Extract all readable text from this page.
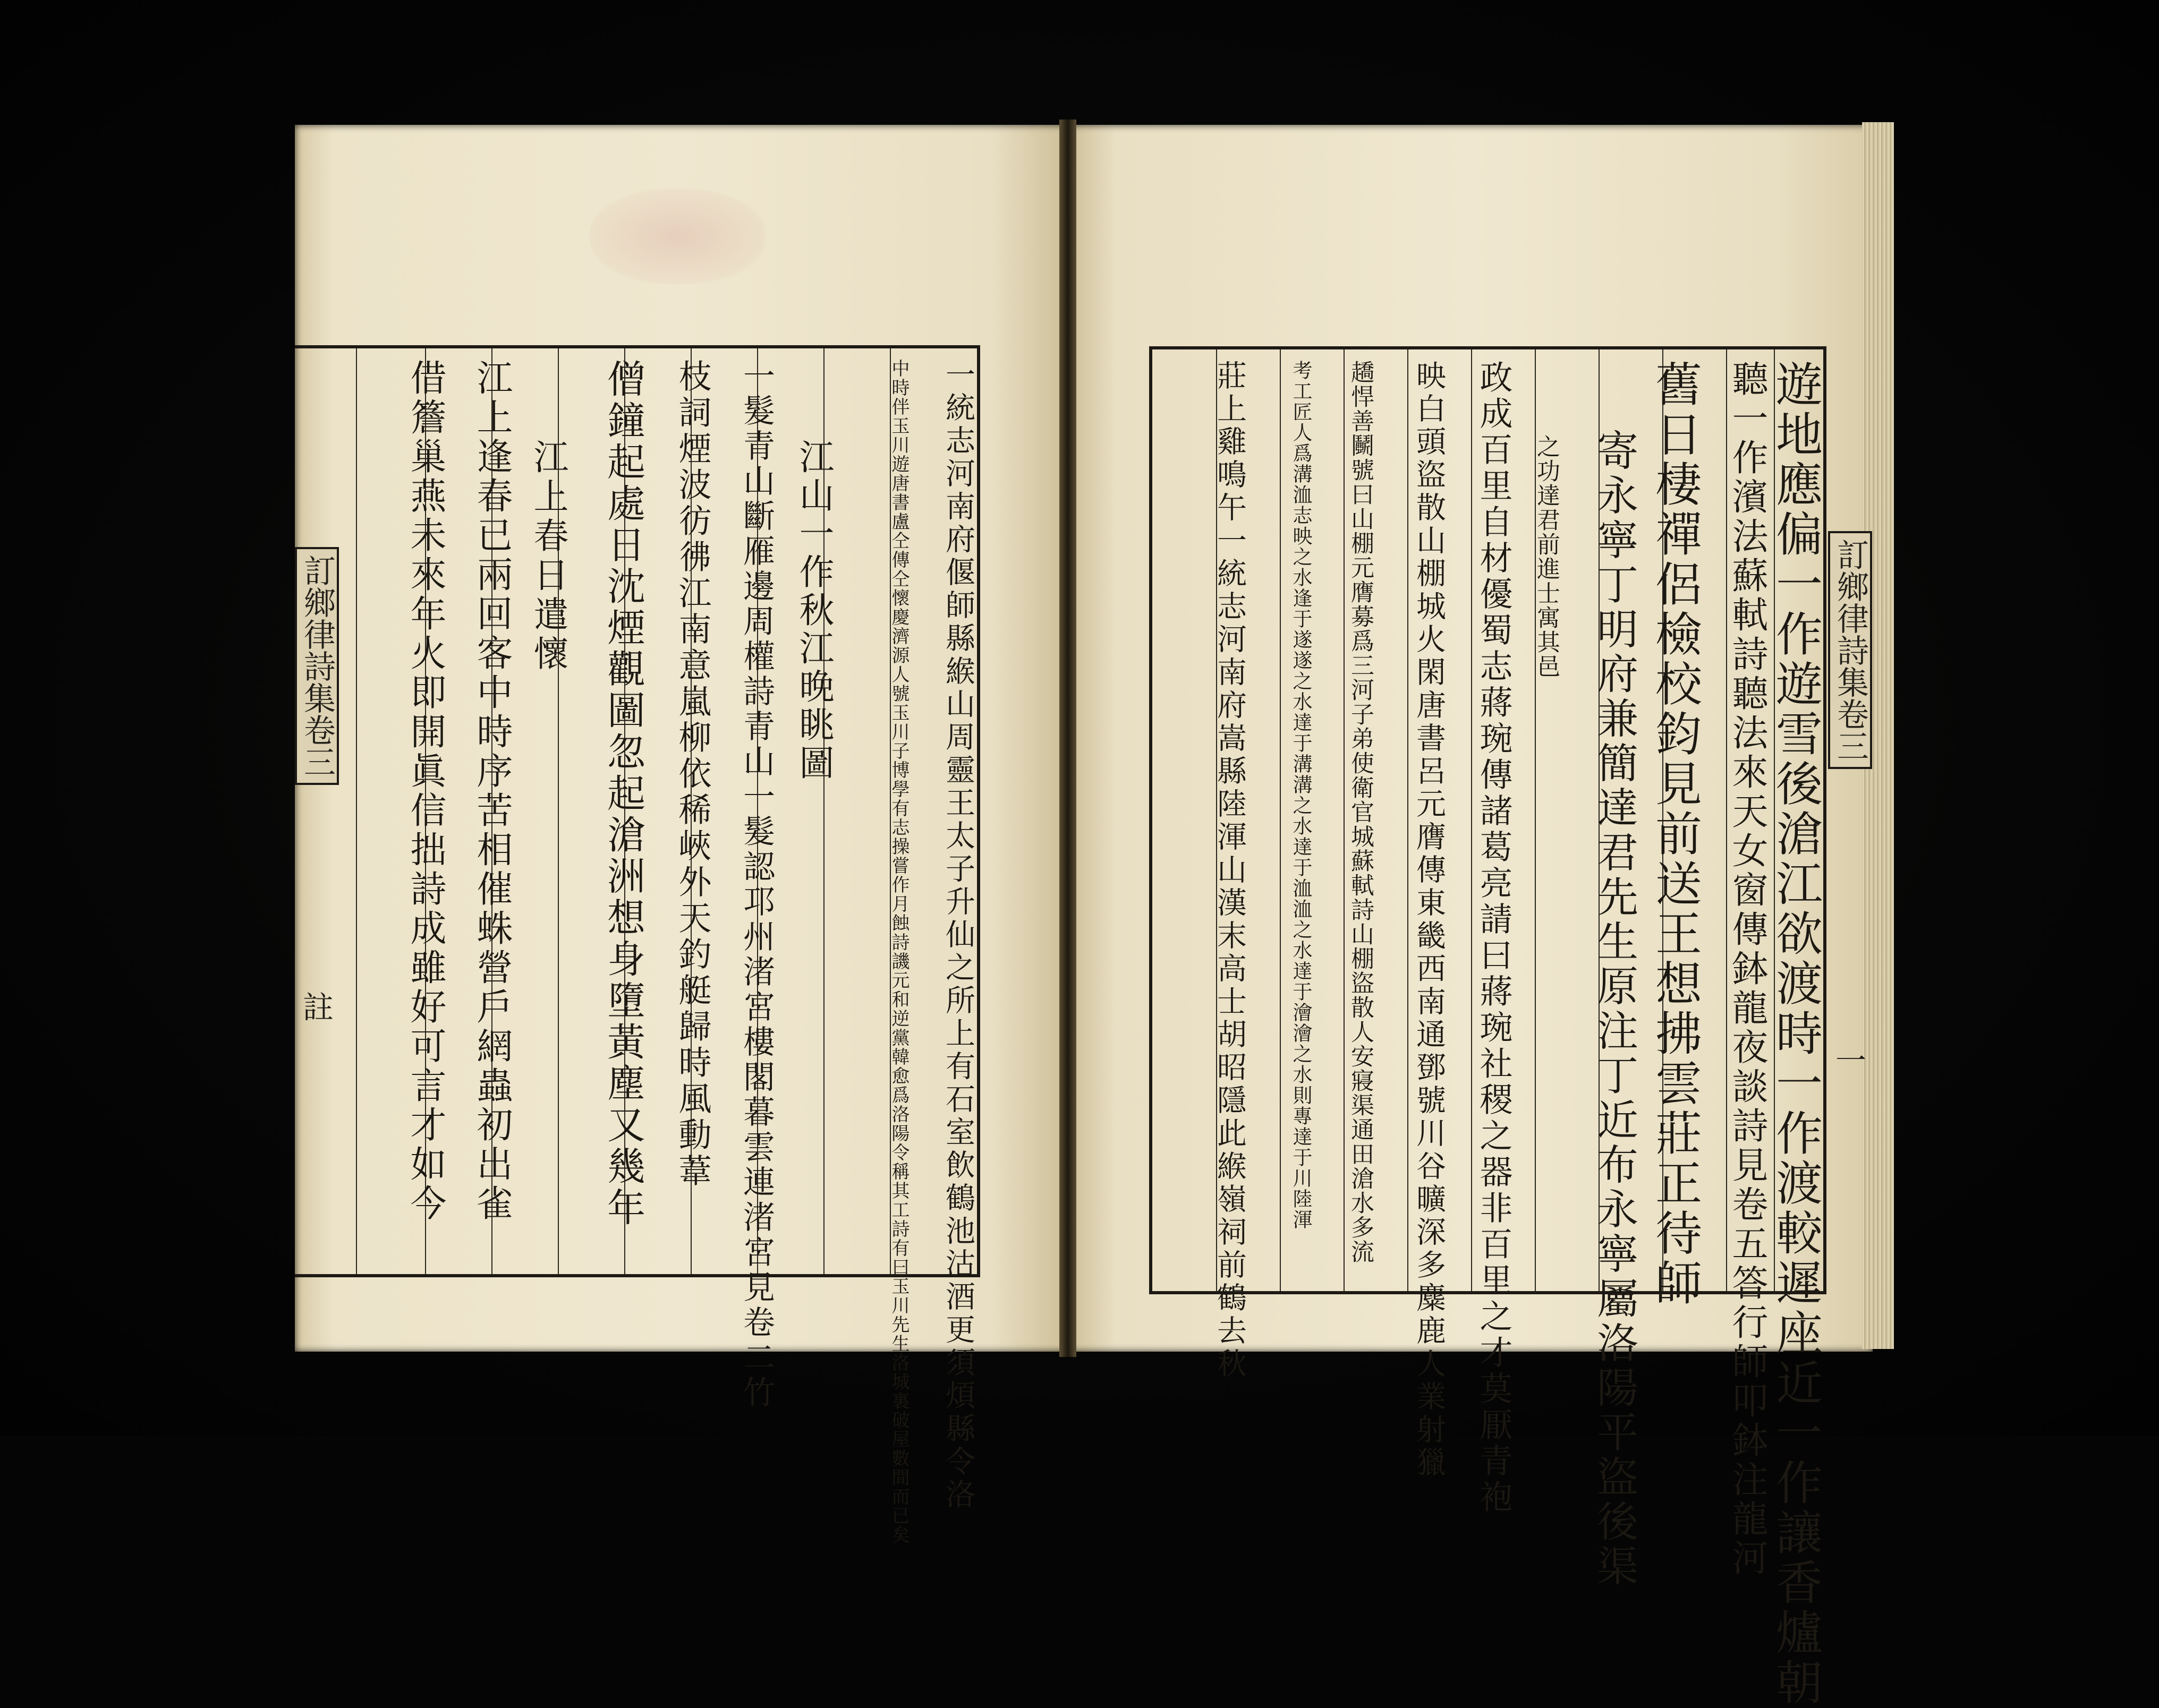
遊地應偏一作遊雪後滄江欲渡時一作渡較遲座近一作讓香爐朝
聽一作濱法蘇軾詩聽法來天女窗傳鉢龍夜談詩見卷五答行師叩鉢注龍河
舊日棲禪侶檢校鈞見前送王想拂雲莊正待師
寄永寧丁明府兼簡達君先生原注丁近布永寧屬洛陽平盜後渠
之功達君前進士寓其邑
政成百里自材優蜀志蔣琬傳諸葛亮請曰蔣琬社稷之器非百里之才莫厭青袍
映白頭盜散山棚城火閑唐書呂元膺傳東畿西南通鄧號川谷曠深多麋鹿人業射獵
趫悍善鬭號曰山棚元膺募爲三河子弟使衛官城蘇軾詩山棚盜散人安寢渠通田滄水多流
考工匠人爲溝洫志映之水逢于遂遂之水達于溝溝之水達于洫洫之水達于澮澮之水則專達于川陸渾
莊上雞鳴午一統志河南府嵩縣陸渾山漢末高士胡昭隱此緱嶺祠前鶴去秋
一統志河南府偃師縣緱山周靈王太子升仙之所上有石室飲鶴池沽酒更須煩縣令洛
中時伴玉川遊唐書盧仝傳仝懷慶濟源人號玉川子博學有志操嘗作月蝕詩譏元和逆黨韓愈爲洛陽令稱其工詩有曰玉川先生洛城裏破屋數間而已矣
江山一作秋江晚眺圖
一髮青山斷雁邊周權詩青山一髮認邛州渚宮樓閣暮雲連渚宮見卷二竹
枝詞煙波彷彿江南意嵐柳依稀峽外天釣艇歸時風動葦
僧鐘起處日沈煙觀圖忽起滄洲想身墮黃塵又幾年
江上春日遣懷
江上逢春已兩回客中時序苦相催蛛營戶網蟲初出雀
借簷巢燕未來年火即開眞信拙詩成雖好可言才如今
訂鄉律詩集卷三	訂鄉律詩集卷三
註
一
